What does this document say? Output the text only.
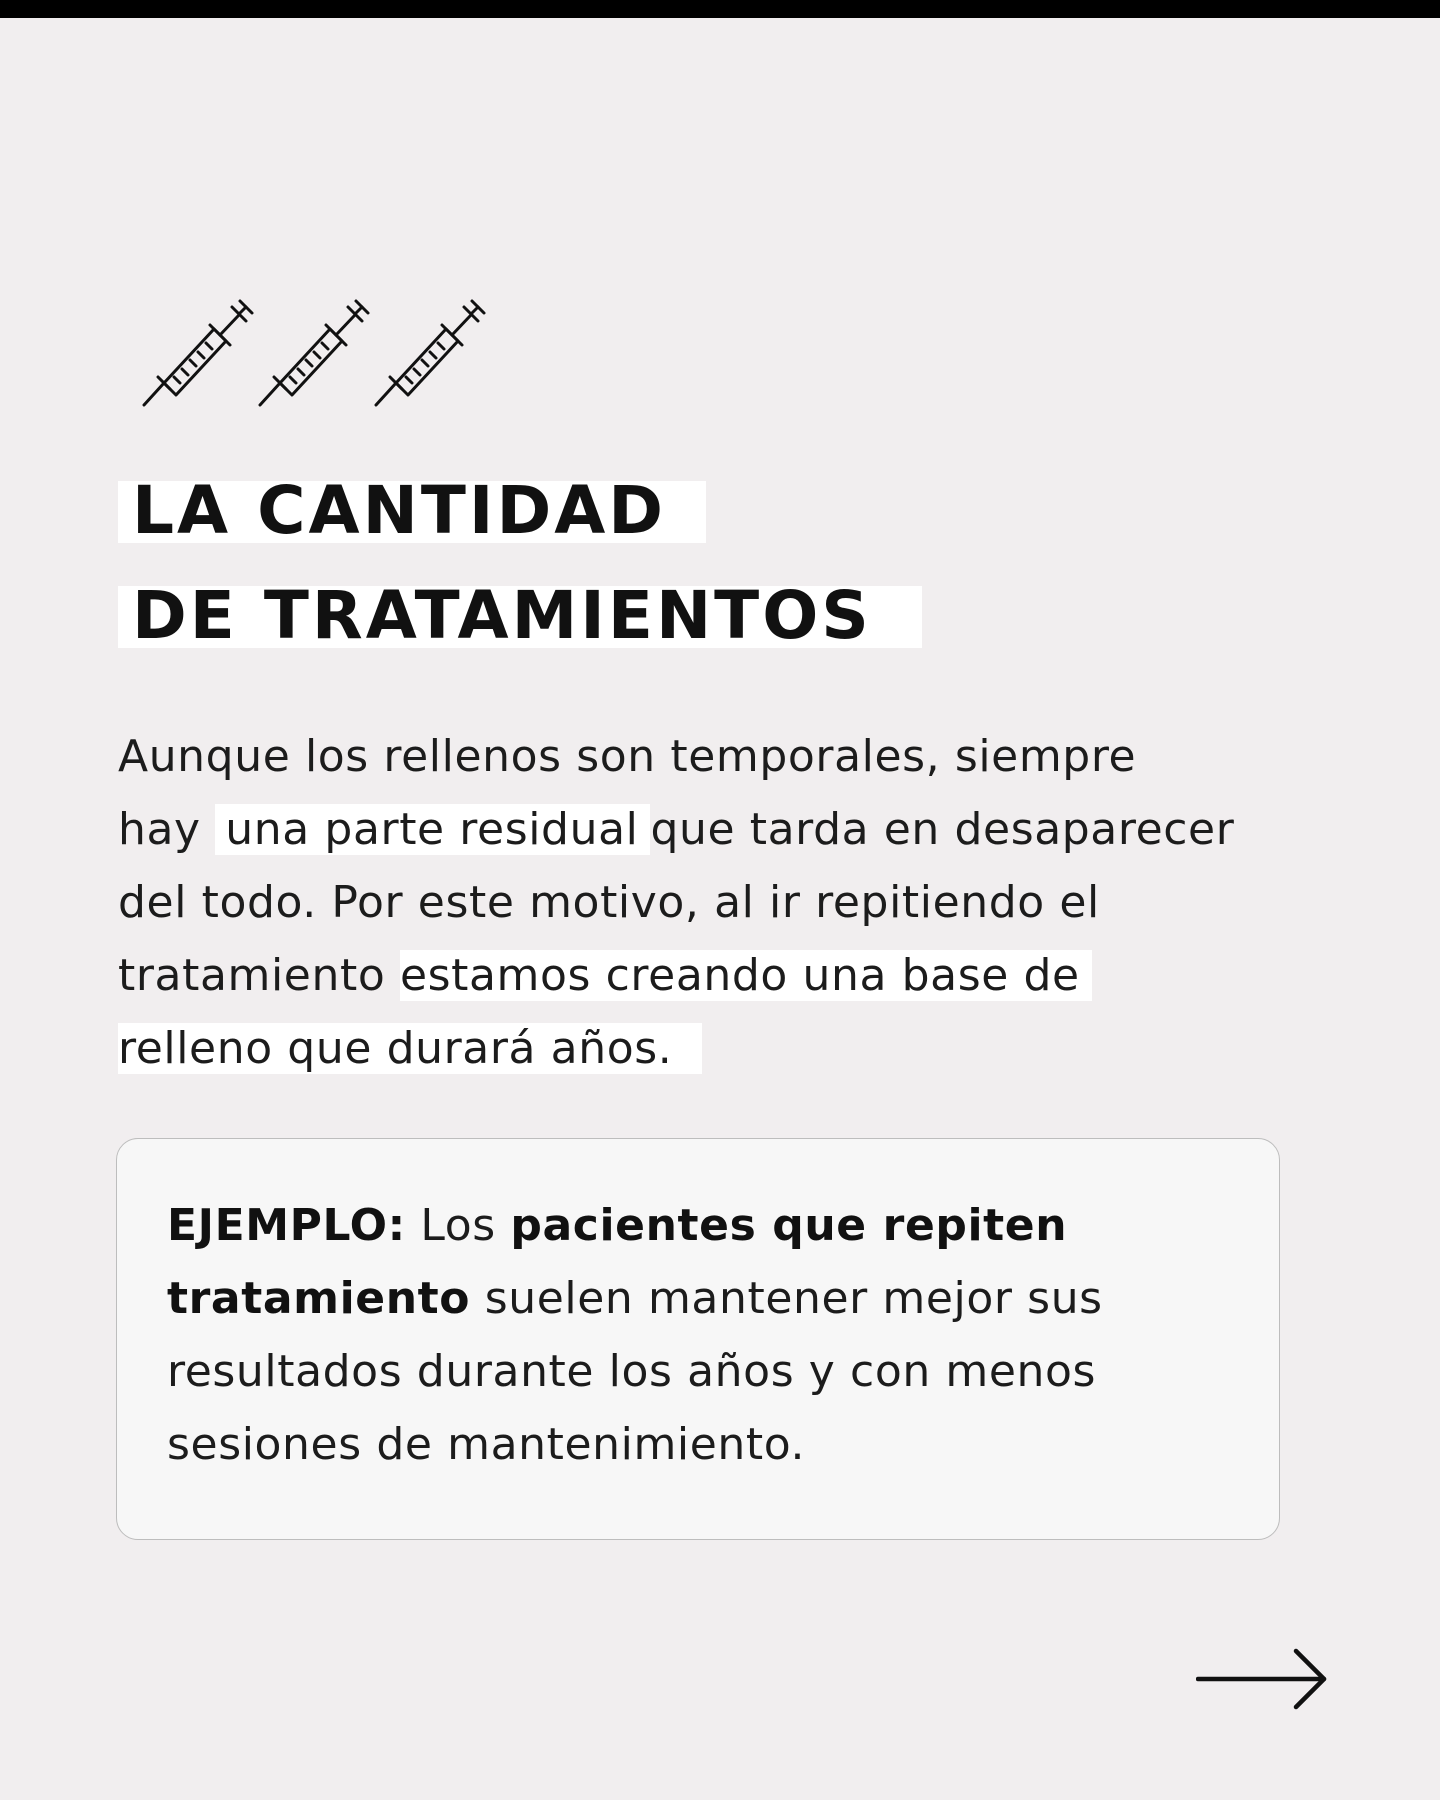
LA CANTIDAD
DE TRATAMIENTOS
Aunque los rellenos son temporales, siempre
hay una parte residual que tarda en desaparecer
del todo. Por este motivo, al ir repitiendo el
tratamiento estamos creando una base de
relleno que durará años.
EJEMPLO: Los pacientes que repiten
tratamiento suelen mantener mejor sus
resultados durante los años y con menos
sesiones de mantenimiento.
